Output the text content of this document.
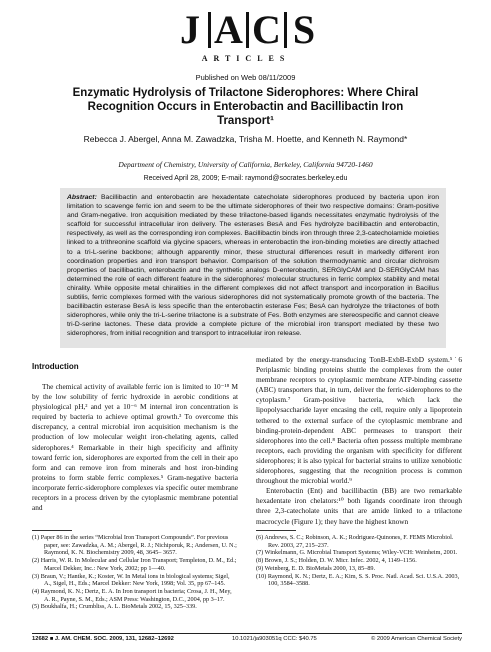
J A C S
ARTICLES
Published on Web 08/11/2009
Enzymatic Hydrolysis of Trilactone Siderophores: Where Chiral Recognition Occurs in Enterobactin and Bacillibactin Iron Transport¹
Rebecca J. Abergel, Anna M. Zawadzka, Trisha M. Hoette, and Kenneth N. Raymond*
Department of Chemistry, University of California, Berkeley, California 94720-1460
Received April 28, 2009; E-mail: raymond@socrates.berkeley.edu
Abstract: Bacillibactin and enterobactin are hexadentate catecholate siderophores produced by bacteria upon iron limitation to scavenge ferric ion and seem to be the ultimate siderophores of their two respective domains: Gram-positive and Gram-negative. Iron acquisition mediated by these trilactone-based ligands necessitates enzymatic hydrolysis of the scaffold for successful intracellular iron delivery. The esterases BesA and Fes hydrolyze bacillibactin and enterobactin, respectively, as well as the corresponding iron complexes. Bacillibactin binds iron through three 2,3-catecholamide moieties linked to a trithreonine scaffold via glycine spacers, whereas in enterobactin the iron-binding moieties are directly attached to a tri-L-serine backbone; although apparently minor, these structural differences result in markedly different iron coordination properties and iron transport behavior. Comparison of the solution thermodynamic and circular dichroism properties of bacillibactin, enterobactin and the synthetic analogs D-enterobactin, SERGlyCAM and D-SERGlyCAM has determined the role of each different feature in the siderophores' molecular structures in ferric complex stability and metal chirality. While opposite metal chiralities in the different complexes did not affect transport and incorporation in Bacillus subtilis, ferric complexes formed with the various siderophores did not systematically promote growth of the bacteria. The bacillibactin esterase BesA is less specific than the enterobactin esterase Fes; BesA can hydrolyze the trilactones of both siderophores, while only the tri-L-serine trilactone is a substrate of Fes. Both enzymes are stereospecific and cannot cleave tri-D-serine lactones. These data provide a complete picture of the microbial iron transport mediated by these two siderophores, from initial recognition and transport to intracellular iron release.
Introduction

The chemical activity of available ferric ion is limited to 10⁻¹⁸ M by the low solubility of ferric hydroxide in aerobic conditions at physiological pH,² and yet a 10⁻⁶ M internal iron concentration is required by bacteria to achieve optimal growth.³ To overcome this discrepancy, a central microbial iron acquisition mechanism is the production of low molecular weight iron-chelating agents, called siderophores.⁴ Remarkable in their high specificity and affinity toward ferric ion, siderophores are exported from the cell in their apo form and can remove iron from minerals and host iron-binding proteins to form stable ferric complexes.⁵ Gram-negative bacteria incorporate ferric-siderophore complexes via specific outer membrane receptors in a process driven by the cytoplasmic membrane potential and

mediated by the energy-transducing TonB-ExbB-ExbD system.⁵˙6 Periplasmic binding proteins shuttle the complexes from the outer membrane receptors to cytoplasmic membrane ATP-binding cassette (ABC) transporters that, in turn, deliver the ferric-siderophores to the cytoplasm.⁷ Gram-positive bacteria, which lack the lipopolysaccharide layer encasing the cell, require only a lipoprotein tethered to the external surface of the cytoplasmic membrane and binding-protein-dependent ABC permeases to transport their siderophores into the cell.⁸ Bacteria often possess multiple membrane receptors, each providing the organism with specificity for different siderophores; it is also typical for bacterial strains to utilize xenobiotic siderophores, suggesting that the recognition process is common throughout the microbial world.⁹

Enterobactin (Ent) and bacillibactin (BB) are two remarkable hexadentate iron chelators:¹⁰ both ligands coordinate iron through three 2,3-catecholate units that are amide linked to a trilactone macrocycle (Figure 1); they have the highest known

(1) Paper 86 in the series “Microbial Iron Transport Compounds”. For previous paper, see: Zawadzka, A. M.; Abergel, R. J.; Nichiporuk, R.; Andersen, U. N.; Raymond, K. N. Biochemistry 2009, 48, 3645– 3657.
(2) Harris, W. R. In Molecular and Cellular Iron Transport; Templeton, D. M., Ed.; Marcel Dekker, Inc.: New York, 2002; pp 1—40.
(3) Braun, V.; Hantke, K.; Koster, W. In Metal ions in biological systems; Sigel, A., Sigel, H., Eds.; Marcel Dekker: New York, 1998; Vol. 35, pp 67–145.
(4) Raymond, K. N.; Dertz, E. A. In Iron transport in bacteria; Crosa, J. H., Mey, A. R., Payne, S. M., Eds.; ASM Press: Washington, D.C., 2004, pp 3–17.
(5) Boukhalfa, H.; Crumbliss, A. L. BioMetals 2002, 15, 325–339.
(6) Andrews, S. C.; Robinson, A. K.; Rodriguez-Quinones, F. FEMS Microbiol. Rev. 2003, 27, 215–237.
(7) Winkelmann, G. Microbial Transport Systems; Wiley-VCH: Weinheim, 2001.
(8) Brown, J. S.; Holden, D. W. Micr. Infec. 2002, 4, 1149–1156.
(9) Weinberg, E. D. BioMetals 2000, 13, 85–89.
(10) Raymond, K. N.; Dertz, E. A.; Kim, S. S. Proc. Natl. Acad. Sci. U.S.A. 2003, 100, 3584–3588.
12682 ■ J. AM. CHEM. SOC. 2009, 131, 12682–12692	10.1021/ja903051q CCC: $40.75	© 2009 American Chemical Society
